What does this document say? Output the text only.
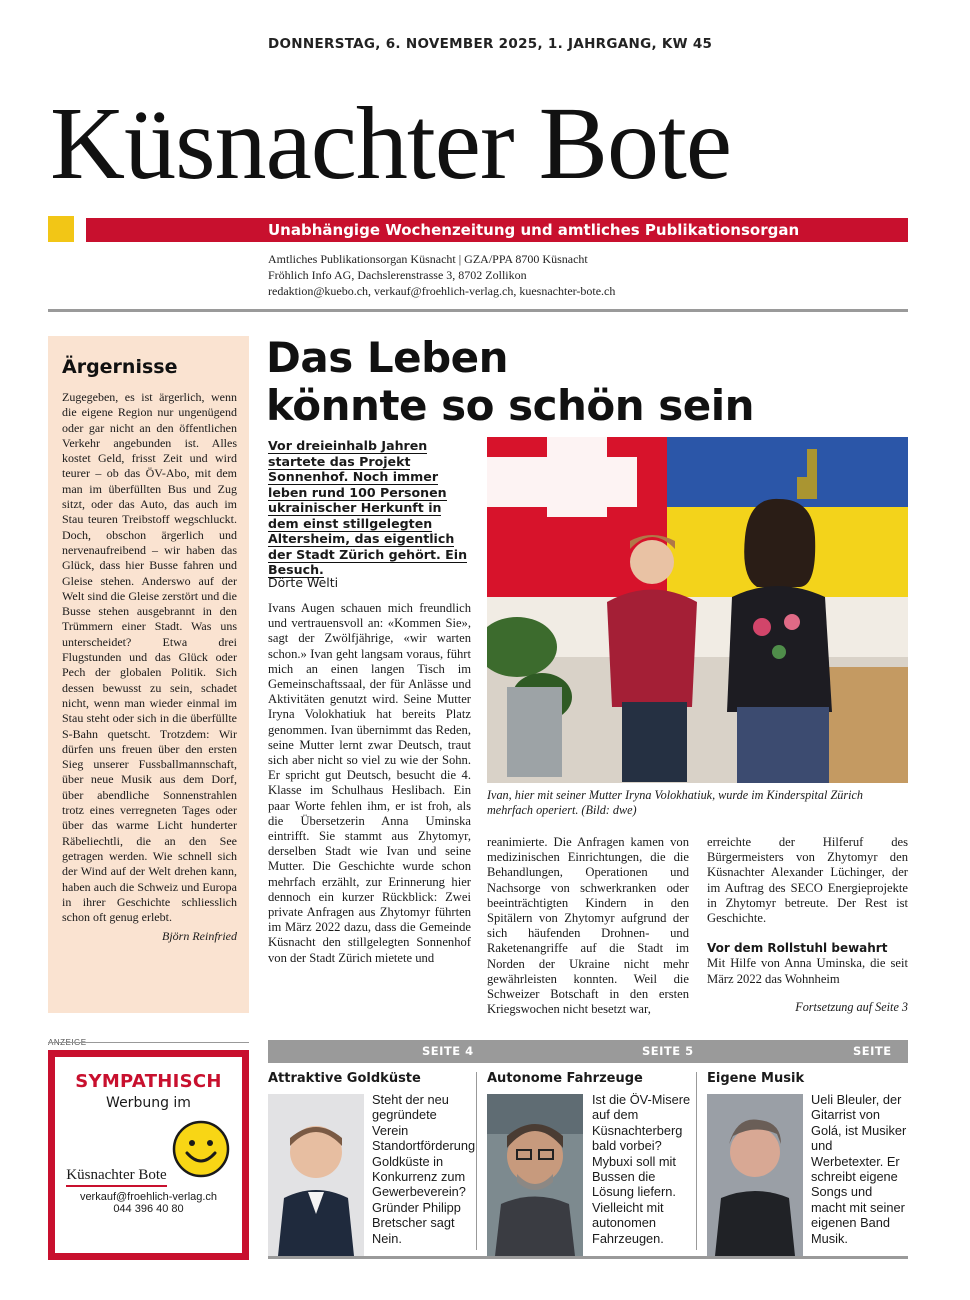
DONNERSTAG, 6. NOVEMBER 2025, 1. JAHRGANG, KW 45
Küsnachter Bote
Unabhängige Wochenzeitung und amtliches Publikationsorgan
Amtliches Publikationsorgan Küsnacht | GZA/PPA 8700 Küsnacht
Fröhlich Info AG, Dachslerenstrasse 3, 8702 Zollikon
redaktion@kuebo.ch, verkauf@froehlich-verlag.ch, kuesnachter-bote.ch
Ärgernisse
Zugegeben, es ist ärgerlich, wenn die eigene Region nur ungenügend oder gar nicht an den öffentlichen Verkehr angebunden ist. Alles kostet Geld, frisst Zeit und wird teurer – ob das ÖV-Abo, mit dem man im überfüllten Bus und Zug sitzt, oder das Auto, das auch im Stau teuren Treibstoff wegschluckt. Doch, obschon ärgerlich und nervenaufreibend – wir haben das Glück, dass hier Busse fahren und Gleise stehen. Anderswo auf der Welt sind die Gleise zerstört und die Busse stehen ausgebrannt in den Trümmern einer Stadt. Was uns unterscheidet? Etwa drei Flugstunden und das Glück oder Pech der globalen Politik. Sich dessen bewusst zu sein, schadet nicht, wenn man wieder einmal im Stau steht oder sich in die überfüllte S-Bahn quetscht. Trotzdem: Wir dürfen uns freuen über den ersten Sieg unserer Fussballmannschaft, über neue Musik aus dem Dorf, über abendliche Sonnenstrahlen trotz eines verregneten Tages oder über das warme Licht hunderter Räbeliechtli, die an den See getragen werden. Wie schnell sich der Wind auf der Welt drehen kann, haben auch die Schweiz und Europa in ihrer Geschichte schliesslich schon oft genug erlebt.
Björn Reinfried
Das Leben
könnte so schön sein
Vor dreieinhalb Jahren startete das Projekt Sonnenhof. Noch immer leben rund 100 Personen ukrainischer Herkunft in dem einst stillgelegten Altersheim, das eigentlich der Stadt Zürich gehört. Ein Besuch.
Dörte Welti
Ivans Augen schauen mich freundlich und vertrauensvoll an: «Kommen Sie», sagt der Zwölfjährige, «wir warten schon.» Ivan geht langsam voraus, führt mich an einen langen Tisch im Gemeinschaftssaal, der für Anlässe und Aktivitäten genutzt wird. Seine Mutter Iryna Volokhatiuk hat bereits Platz genommen. Ivan übernimmt das Reden, seine Mutter lernt zwar Deutsch, traut sich aber nicht so viel zu wie der Sohn. Er spricht gut Deutsch, besucht die 4. Klasse im Schulhaus Heslibach. Ein paar Worte fehlen ihm, er ist froh, als die Übersetzerin Anna Uminska eintrifft. Sie stammt aus Zhytomyr, derselben Stadt wie Ivan und seine Mutter. Die Geschichte wurde schon mehrfach erzählt, zur Erinnerung hier dennoch ein kurzer Rückblick: Zwei private Anfragen aus Zhytomyr führten im März 2022 dazu, dass die Gemeinde Küsnacht den stillgelegten Sonnenhof von der Stadt Zürich mietete und
Ivan, hier mit seiner Mutter Iryna Volokhatiuk, wurde im Kinderspital Zürich mehrfach operiert. (Bild: dwe)
reanimierte. Die Anfragen kamen von medizinischen Einrichtungen, die die Behandlungen, Operationen und Nachsorge von schwerkranken oder beeinträchtigten Kindern in den Spitälern von Zhytomyr aufgrund der sich häufenden Drohnen- und Raketenangriffe auf die Stadt im Norden der Ukraine nicht mehr gewährleisten konnten. Weil die Schweizer Botschaft in den ersten Kriegswochen nicht besetzt war,
erreichte der Hilferuf des Bürgermeisters von Zhytomyr den Küsnachter Alexander Lüchinger, der im Auftrag des SECO Energieprojekte in Zhytomyr betreute. Der Rest ist Geschichte.
Vor dem Rollstuhl bewahrt
Mit Hilfe von Anna Uminska, die seit März 2022 das Wohnheim
Fortsetzung auf Seite 3
SYMPATHISCH
Werbung im
Küsnachter Bote
verkauf@froehlich-verlag.ch
044 396 40 80
SEITE 4	SEITE 5	SEITE 11
Attraktive Goldküste	Autonome Fahrzeuge	Eigene Musik
Steht der neu gegründete Verein Standortförderung Goldküste in Konkurrenz zum Gewerbeverein? Gründer Philipp Bretscher sagt Nein.
Ist die ÖV-Misere auf dem Küsnachterberg bald vorbei? Mybuxi soll mit Bussen die Lösung liefern. Vielleicht mit autonomen Fahrzeugen.
Ueli Bleuler, der Gitarrist von Golá, ist Musiker und Werbetexter. Er schreibt eigene Songs und macht mit seiner eigenen Band Musik.
